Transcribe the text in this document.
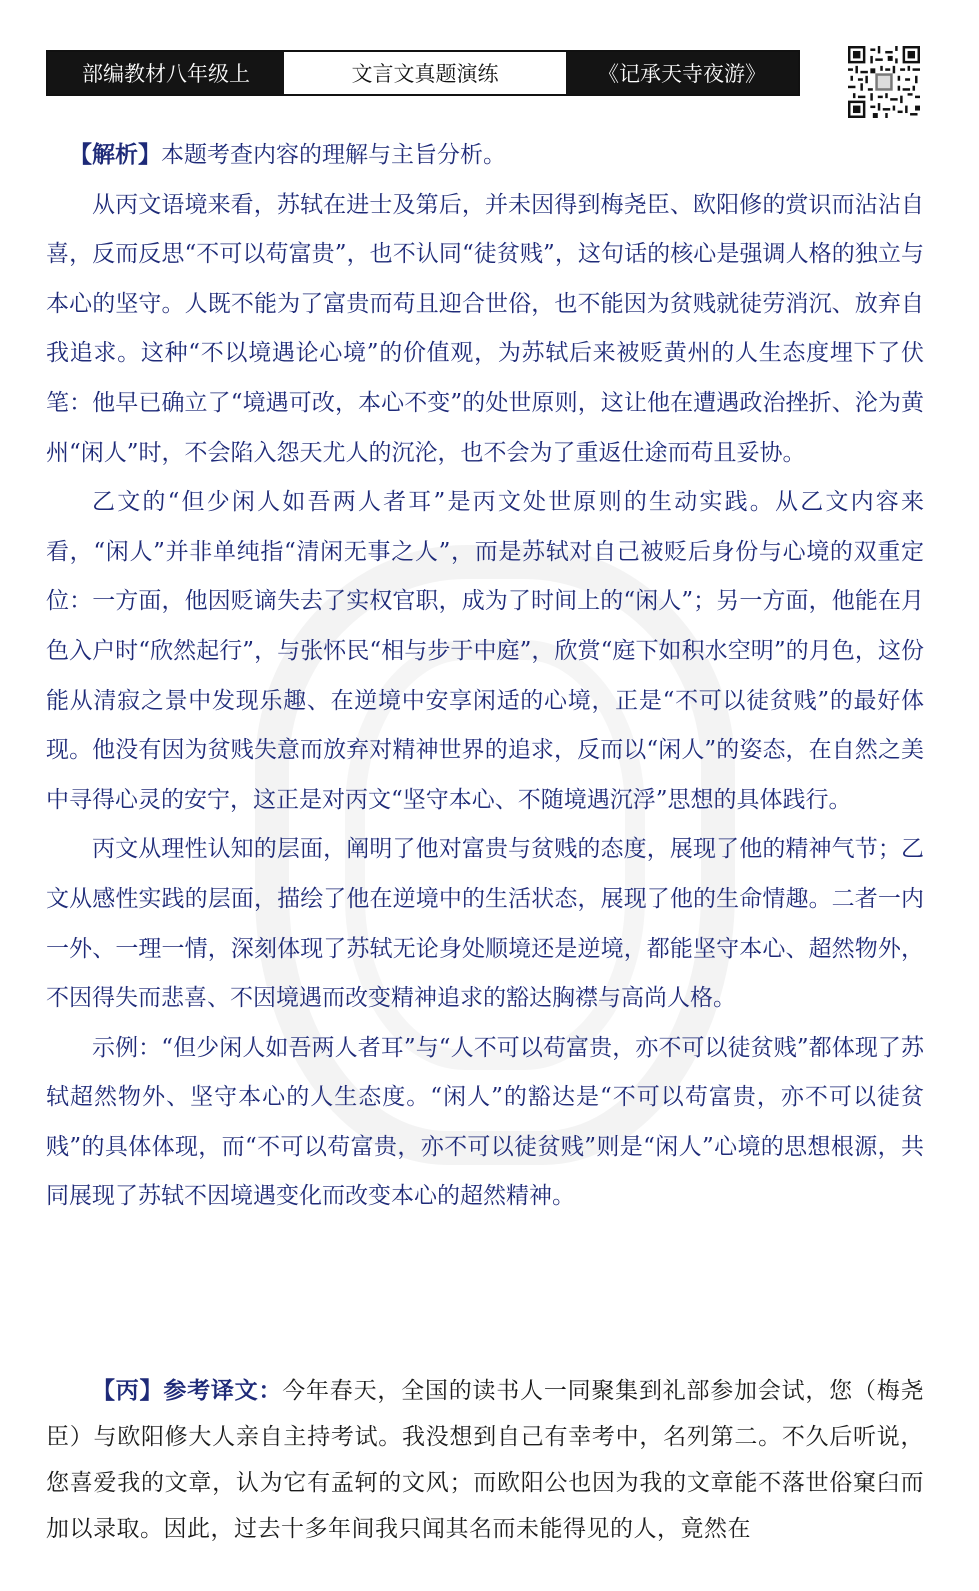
部编教材八年级上	文言文真题演练	《记承天寺夜游》

【解析】本题考查内容的理解与主旨分析。

从丙文语境来看，苏轼在进士及第后，并未因得到梅尧臣、欧阳修的赏识而沾沾自喜，反而反思“不可以苟富贵”，也不认同“徒贫贱”，这句话的核心是强调人格的独立与本心的坚守。人既不能为了富贵而苟且迎合世俗，也不能因为贫贱就徒劳消沉、放弃自我追求。这种“不以境遇论心境”的价值观，为苏轼后来被贬黄州的人生态度埋下了伏笔：他早已确立了“境遇可改，本心不变”的处世原则，这让他在遭遇政治挫折、沦为黄州“闲人”时，不会陷入怨天尤人的沉沦，也不会为了重返仕途而苟且妥协。

乙文的“但少闲人如吾两人者耳”是丙文处世原则的生动实践。从乙文内容来看，“闲人”并非单纯指“清闲无事之人”，而是苏轼对自己被贬后身份与心境的双重定位：一方面，他因贬谪失去了实权官职，成为了时间上的“闲人”；另一方面，他能在月色入户时“欣然起行”，与张怀民“相与步于中庭”，欣赏“庭下如积水空明”的月色，这份能从清寂之景中发现乐趣、在逆境中安享闲适的心境，正是“不可以徒贫贱”的最好体现。他没有因为贫贱失意而放弃对精神世界的追求，反而以“闲人”的姿态，在自然之美中寻得心灵的安宁，这正是对丙文“坚守本心、不随境遇沉浮”思想的具体践行。

丙文从理性认知的层面，阐明了他对富贵与贫贱的态度，展现了他的精神气节；乙文从感性实践的层面，描绘了他在逆境中的生活状态，展现了他的生命情趣。二者一内一外、一理一情，深刻体现了苏轼无论身处顺境还是逆境，都能坚守本心、超然物外，不因得失而悲喜、不因境遇而改变精神追求的豁达胸襟与高尚人格。

示例：“但少闲人如吾两人者耳”与“人不可以苟富贵，亦不可以徒贫贱”都体现了苏轼超然物外、坚守本心的人生态度。“闲人”的豁达是“不可以苟富贵，亦不可以徒贫贱”的具体体现，而“不可以苟富贵，亦不可以徒贫贱”则是“闲人”心境的思想根源，共同展现了苏轼不因境遇变化而改变本心的超然精神。

【丙】参考译文：今年春天，全国的读书人一同聚集到礼部参加会试，您（梅尧臣）与欧阳修大人亲自主持考试。我没想到自己有幸考中，名列第二。不久后听说，您喜爱我的文章，认为它有孟轲的文风；而欧阳公也因为我的文章能不落世俗窠臼而加以录取。因此，过去十多年间我只闻其名而未能得见的人，竟然在
